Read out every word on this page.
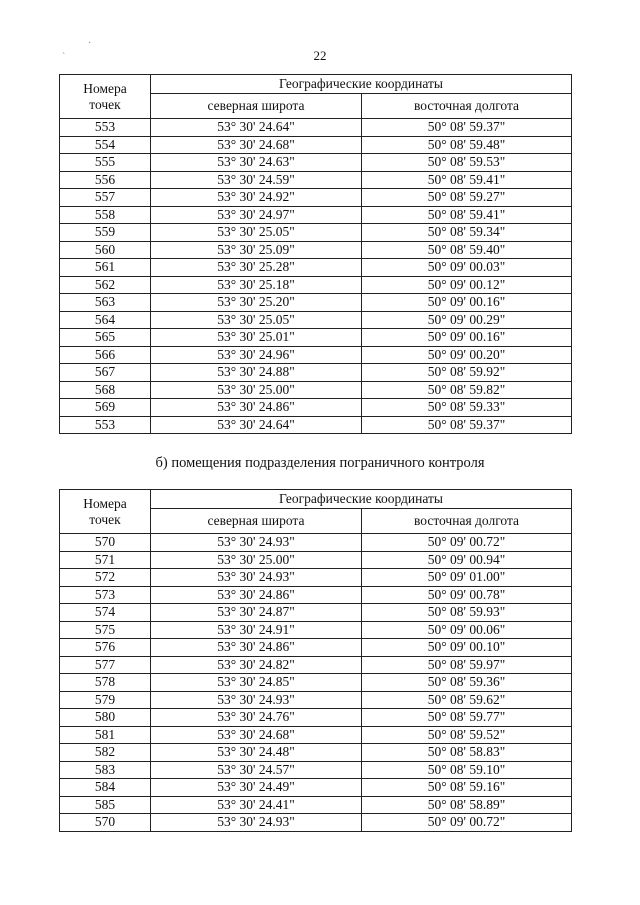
·
ˋ	22
Номера
точек	Географические координаты	
	северная широта	восточная долгота
553	53° 30' 24.64"	50° 08' 59.37"
554	53° 30' 24.68"	50° 08' 59.48"
555	53° 30' 24.63"	50° 08' 59.53"
556	53° 30' 24.59"	50° 08' 59.41"
557	53° 30' 24.92"	50° 08' 59.27"
558	53° 30' 24.97"	50° 08' 59.41"
559	53° 30' 25.05"	50° 08' 59.34"
560	53° 30' 25.09"	50° 08' 59.40"
561	53° 30' 25.28"	50° 09' 00.03"
562	53° 30' 25.18"	50° 09' 00.12"
563	53° 30' 25.20"	50° 09' 00.16"
564	53° 30' 25.05"	50° 09' 00.29"
565	53° 30' 25.01"	50° 09' 00.16"
566	53° 30' 24.96"	50° 09' 00.20"
567	53° 30' 24.88"	50° 08' 59.92"
568	53° 30' 25.00"	50° 08' 59.82"
569	53° 30' 24.86"	50° 08' 59.33"
553	53° 30' 24.64"	50° 08' 59.37"
б) помещения подразделения пограничного контроля
Номера
точек	Географические координаты	
	северная широта	восточная долгота
570	53° 30' 24.93"	50° 09' 00.72"
571	53° 30' 25.00"	50° 09' 00.94"
572	53° 30' 24.93"	50° 09' 01.00"
573	53° 30' 24.86"	50° 09' 00.78"
574	53° 30' 24.87"	50° 08' 59.93"
575	53° 30' 24.91"	50° 09' 00.06"
576	53° 30' 24.86"	50° 09' 00.10"
577	53° 30' 24.82"	50° 08' 59.97"
578	53° 30' 24.85"	50° 08' 59.36"
579	53° 30' 24.93"	50° 08' 59.62"
580	53° 30' 24.76"	50° 08' 59.77"
581	53° 30' 24.68"	50° 08' 59.52"
582	53° 30' 24.48"	50° 08' 58.83"
583	53° 30' 24.57"	50° 08' 59.10"
584	53° 30' 24.49"	50° 08' 59.16"
585	53° 30' 24.41"	50° 08' 58.89"
570	53° 30' 24.93"	50° 09' 00.72"
